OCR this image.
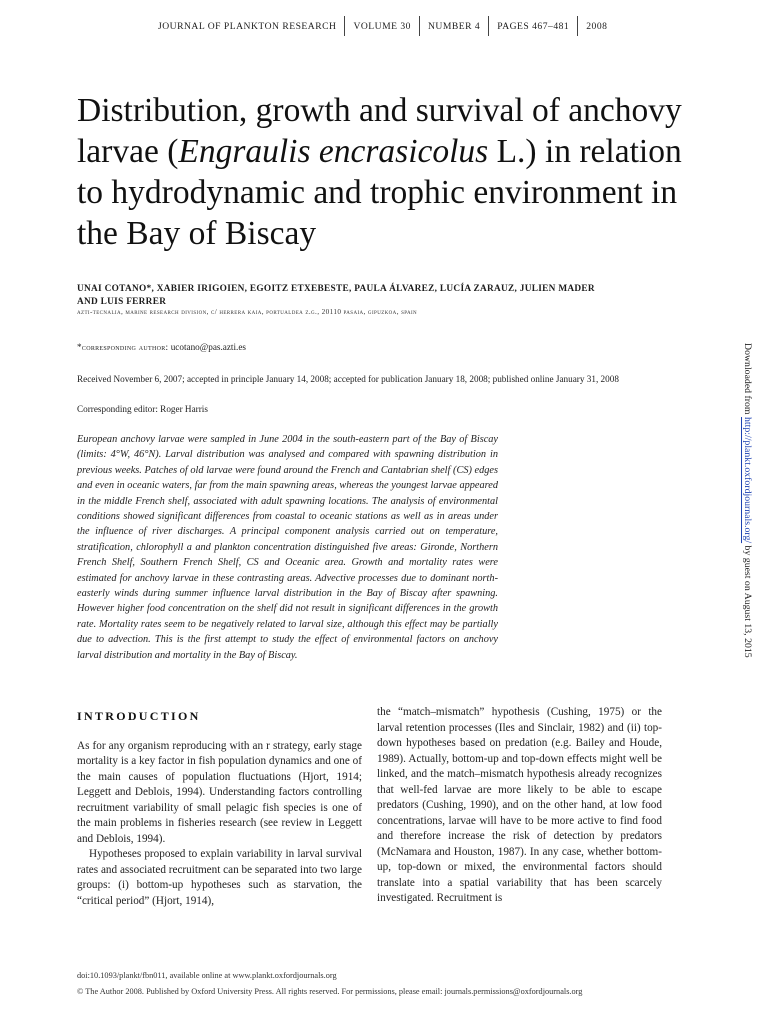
JOURNAL OF PLANKTON RESEARCH VOLUME 30 NUMBER 4 PAGES 467–481 2008
Distribution, growth and survival of anchovy larvae (Engraulis encrasicolus L.) in relation to hydrodynamic and trophic environment in the Bay of Biscay
UNAI COTANO*, XABIER IRIGOIEN, EGOITZ ETXEBESTE, PAULA ÁLVAREZ, LUCÍA ZARAUZ, JULIEN MADER AND LUIS FERRER
azti-tecnalia, marine research division, c/ herrera kaia, portualdea z.g., 20110 pasaia, gipuzkoa, spain
*corresponding author: ucotano@pas.azti.es
Received November 6, 2007; accepted in principle January 14, 2008; accepted for publication January 18, 2008; published online January 31, 2008
Corresponding editor: Roger Harris
European anchovy larvae were sampled in June 2004 in the south-eastern part of the Bay of Biscay (limits: 4°W, 46°N). Larval distribution was analysed and compared with spawning distribution in previous weeks. Patches of old larvae were found around the French and Cantabrian shelf (CS) edges and even in oceanic waters, far from the main spawning areas, whereas the youngest larvae appeared in the middle French shelf, associated with adult spawning locations. The analysis of environmental conditions showed significant differences from coastal to oceanic stations as well as in areas under the influence of river discharges. A principal component analysis carried out on temperature, stratification, chlorophyll a and plankton concentration distinguished five areas: Gironde, Northern French Shelf, Southern French Shelf, CS and Oceanic area. Growth and mortality rates were estimated for anchovy larvae in these contrasting areas. Advective processes due to dominant north-easterly winds during summer influence larval distribution in the Bay of Biscay after spawning. However higher food concentration on the shelf did not result in significant differences in the growth rate. Mortality rates seem to be negatively related to larval size, although this effect may be partially due to advection. This is the first attempt to study the effect of environmental factors on anchovy larval distribution and mortality in the Bay of Biscay.
INTRODUCTION

As for any organism reproducing with an r strategy, early stage mortality is a key factor in fish population dynamics and one of the main causes of population fluctuations (Hjort, 1914; Leggett and Deblois, 1994). Understanding factors controlling recruitment variability of small pelagic fish species is one of the main problems in fisheries research (see review in Leggett and Deblois, 1994).

Hypotheses proposed to explain variability in larval survival rates and associated recruitment can be separated into two large groups: (i) bottom-up hypotheses such as starvation, the “critical period” (Hjort, 1914),

the “match–mismatch” hypothesis (Cushing, 1975) or the larval retention processes (Iles and Sinclair, 1982) and (ii) top-down hypotheses based on predation (e.g. Bailey and Houde, 1989). Actually, bottom-up and top-down effects might well be linked, and the match–mismatch hypothesis already recognizes that well-fed larvae are more likely to be able to escape predators (Cushing, 1990), and on the other hand, at low food concentrations, larvae will have to be more active to find food and therefore increase the risk of detection by predators (McNamara and Houston, 1987). In any case, whether bottom-up, top-down or mixed, the environmental factors should translate into a spatial variability that has been scarcely investigated. Recruitment is

doi:10.1093/plankt/fbn011, available online at www.plankt.oxfordjournals.org
© The Author 2008. Published by Oxford University Press. All rights reserved. For permissions, please email: journals.permissions@oxfordjournals.org
Downloaded from http://plankt.oxfordjournals.org/ by guest on August 13, 2015
